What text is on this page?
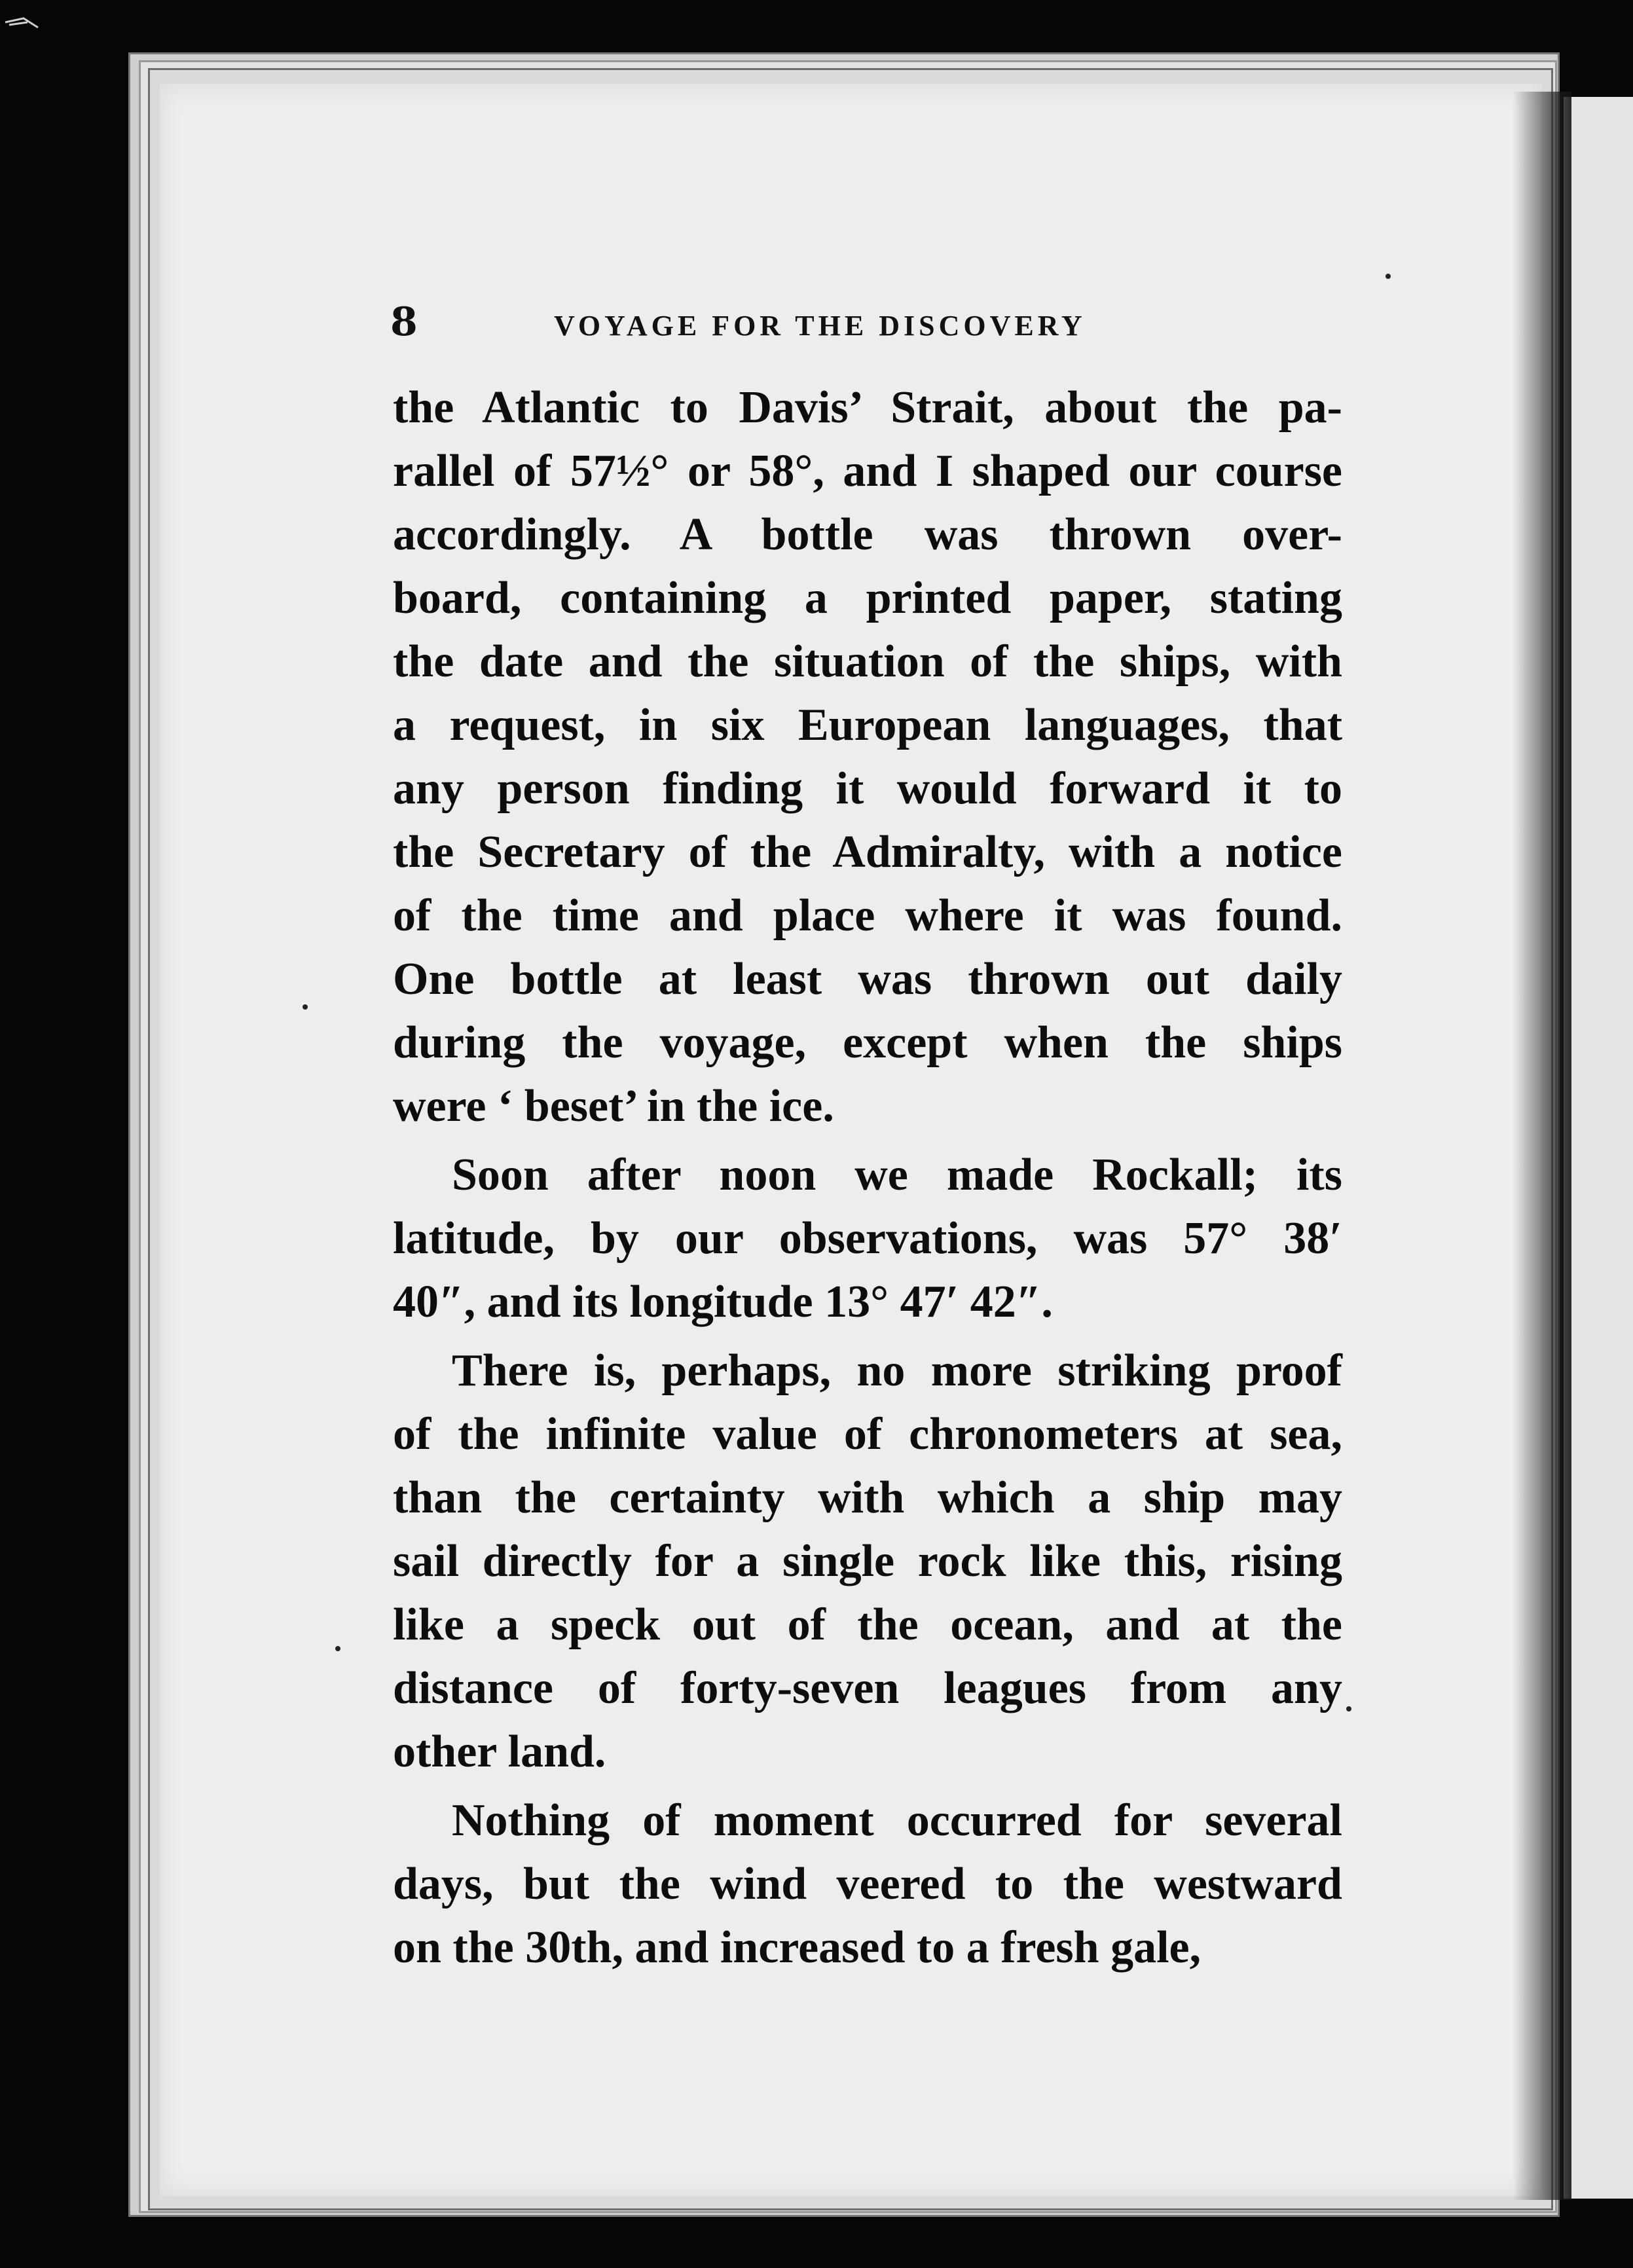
8	VOYAGE FOR THE DISCOVERY
the Atlantic to Davis’ Strait, about the pa-
rallel of 57½° or 58°, and I shaped our course
accordingly. A bottle was thrown over-
board, containing a printed paper, stating
the date and the situation of the ships, with
a request, in six European languages, that
any person finding it would forward it to
the Secretary of the Admiralty, with a notice
of the time and place where it was found.
One bottle at least was thrown out daily
during the voyage, except when the ships
were ‘ beset’ in the ice.
Soon after noon we made Rockall; its
latitude, by our observations, was 57° 38′
40″, and its longitude 13° 47′ 42″.
There is, perhaps, no more striking proof
of the infinite value of chronometers at sea,
than the certainty with which a ship may
sail directly for a single rock like this, rising
like a speck out of the ocean, and at the
distance of forty-seven leagues from any
other land.
Nothing of moment occurred for several
days, but the wind veered to the westward
on the 30th, and increased to a fresh gale,
